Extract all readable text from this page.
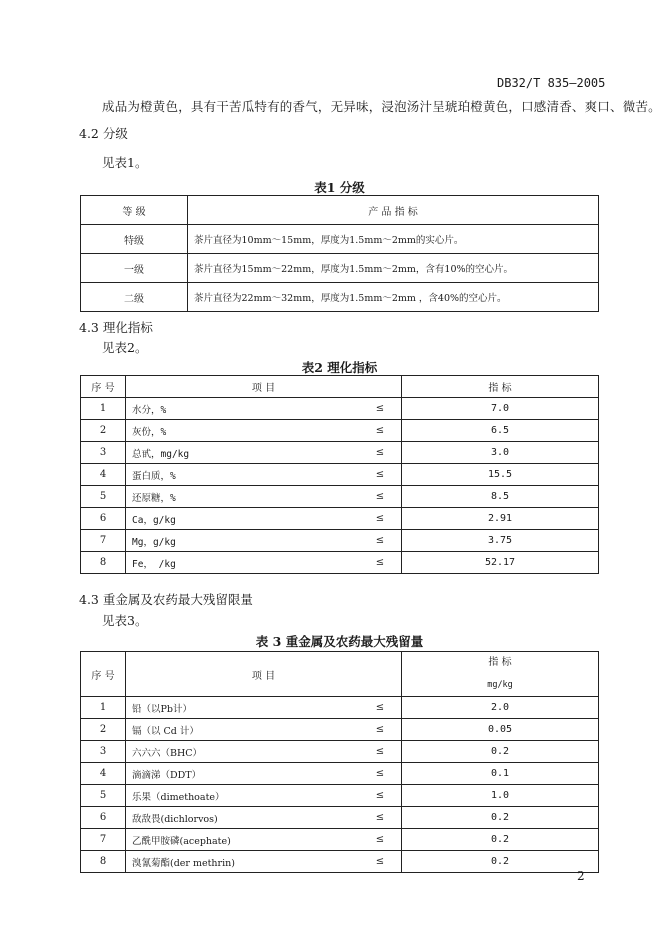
DB32/T 835—2005
成品为橙黄色，具有干苦瓜特有的香气，无异味，浸泡汤汁呈琥珀橙黄色，口感清香、爽口、微苦。
4.2 分级
见表1。
表1 分级
等 级	产 品 指 标
特级	茶片直径为10mm～15mm，厚度为1.5mm～2mm的实心片。
一级	茶片直径为15mm～22mm，厚度为1.5mm～2mm，含有10%的空心片。
二级	茶片直径为22mm～32mm，厚度为1.5mm～2mm ，含40%的空心片。
4.3 理化指标
见表2。
表2 理化指标
序 号	项 目		指 标
1	水分，%	≤	7.0
2	灰份，%	≤	6.5
3	总甙，mg/kg	≤	3.0
4	蛋白质，%	≤	15.5
5	还原糖，%	≤	8.5
6	Ca，g/kg	≤	2.91
7	Mg，g/kg	≤	3.75
8	Fe， /kg	≤	52.17
4.3 重金属及农药最大残留限量
见表3。
表 3 重金属及农药最大残留量
序 号	项 目		指 标
mg/kg

1	铅（以Pb计）	≤	2.0
2	镉（以 Cd 计）	≤	0.05
3	六六六（BHC）	≤	0.2
4	滴滴涕（DDT）	≤	0.1
5	乐果（dimethoate）	≤	1.0
6	敌敌畏(dichlorvos)	≤	0.2
7	乙酰甲胺磷(acephate)	≤	0.2
8	溴氰菊酯(der methrin)	≤	0.2
2
